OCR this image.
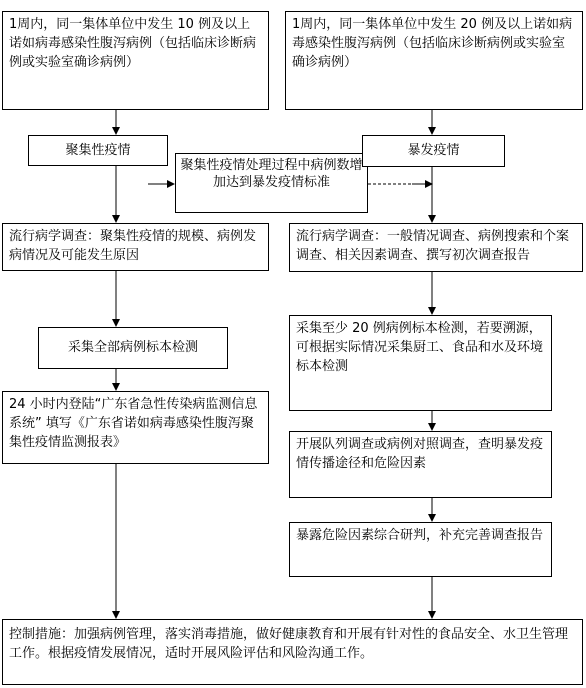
1周内，同一集体单位中发生 10 例及以上诺如病毒感染性腹泻病例（包括临床诊断病例或实验室确诊病例）
聚集性疫情
流行病学调查：聚集性疫情的规模、病例发病情况及可能发生原因
采集全部病例标本检测
24 小时内登陆“广东省急性传染病监测信息系统” 填写《广东省诺如病毒感染性腹泻聚集性疫情监测报表》
聚集性疫情处理过程中病例数增加达到暴发疫情标准
1周内，同一集体单位中发生 20 例及以上诺如病毒感染性腹泻病例（包括临床诊断病例或实验室确诊病例）
暴发疫情
流行病学调查：一般情况调查、病例搜索和个案调查、相关因素调查、撰写初次调查报告
采集至少 20 例病例标本检测，若要溯源，可根据实际情况采集厨工、食品和水及环境标本检测
开展队列调查或病例对照调查，查明暴发疫情传播途径和危险因素
暴露危险因素综合研判，补充完善调查报告
控制措施：加强病例管理，落实消毒措施，做好健康教育和开展有针对性的食品安全、水卫生管理工作。根据疫情发展情况，适时开展风险评估和风险沟通工作。
